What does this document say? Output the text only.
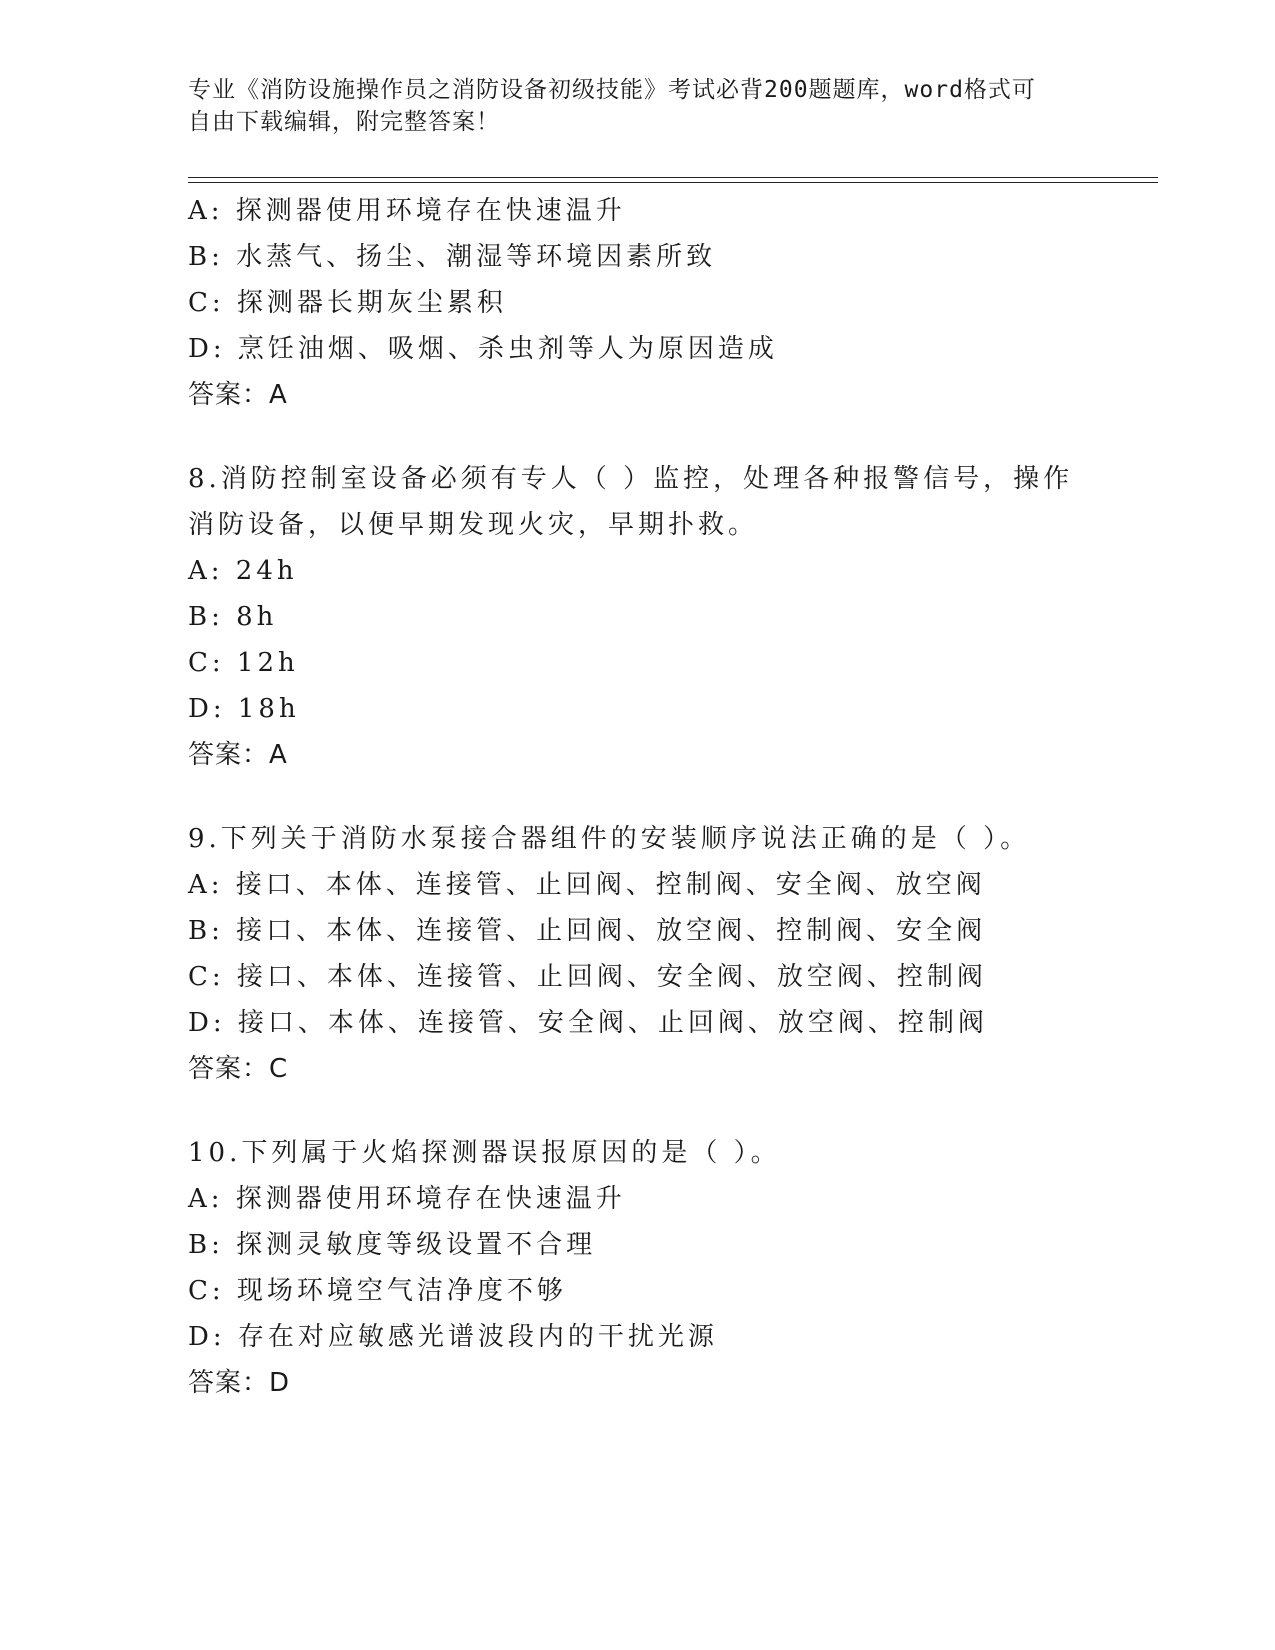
专业《消防设施操作员之消防设备初级技能》考试必背200题题库，word格式可

自由下载编辑，附完整答案！

A: 探测器使用环境存在快速温升
B: 水蒸气、扬尘、潮湿等环境因素所致
C: 探测器长期灰尘累积
D: 烹饪油烟、吸烟、杀虫剂等人为原因造成
答案：A
8.消防控制室设备必须有专人（ ）监控，处理各种报警信号，操作
消防设备，以便早期发现火灾，早期扑救。
A: 24h
B: 8h
C: 12h
D: 18h
答案：A
9.下列关于消防水泵接合器组件的安装顺序说法正确的是（ ）。
A: 接口、本体、连接管、止回阀、控制阀、安全阀、放空阀
B: 接口、本体、连接管、止回阀、放空阀、控制阀、安全阀
C: 接口、本体、连接管、止回阀、安全阀、放空阀、控制阀
D: 接口、本体、连接管、安全阀、止回阀、放空阀、控制阀
答案：C
10.下列属于火焰探测器误报原因的是（ ）。
A: 探测器使用环境存在快速温升
B: 探测灵敏度等级设置不合理
C: 现场环境空气洁净度不够
D: 存在对应敏感光谱波段内的干扰光源
答案：D
